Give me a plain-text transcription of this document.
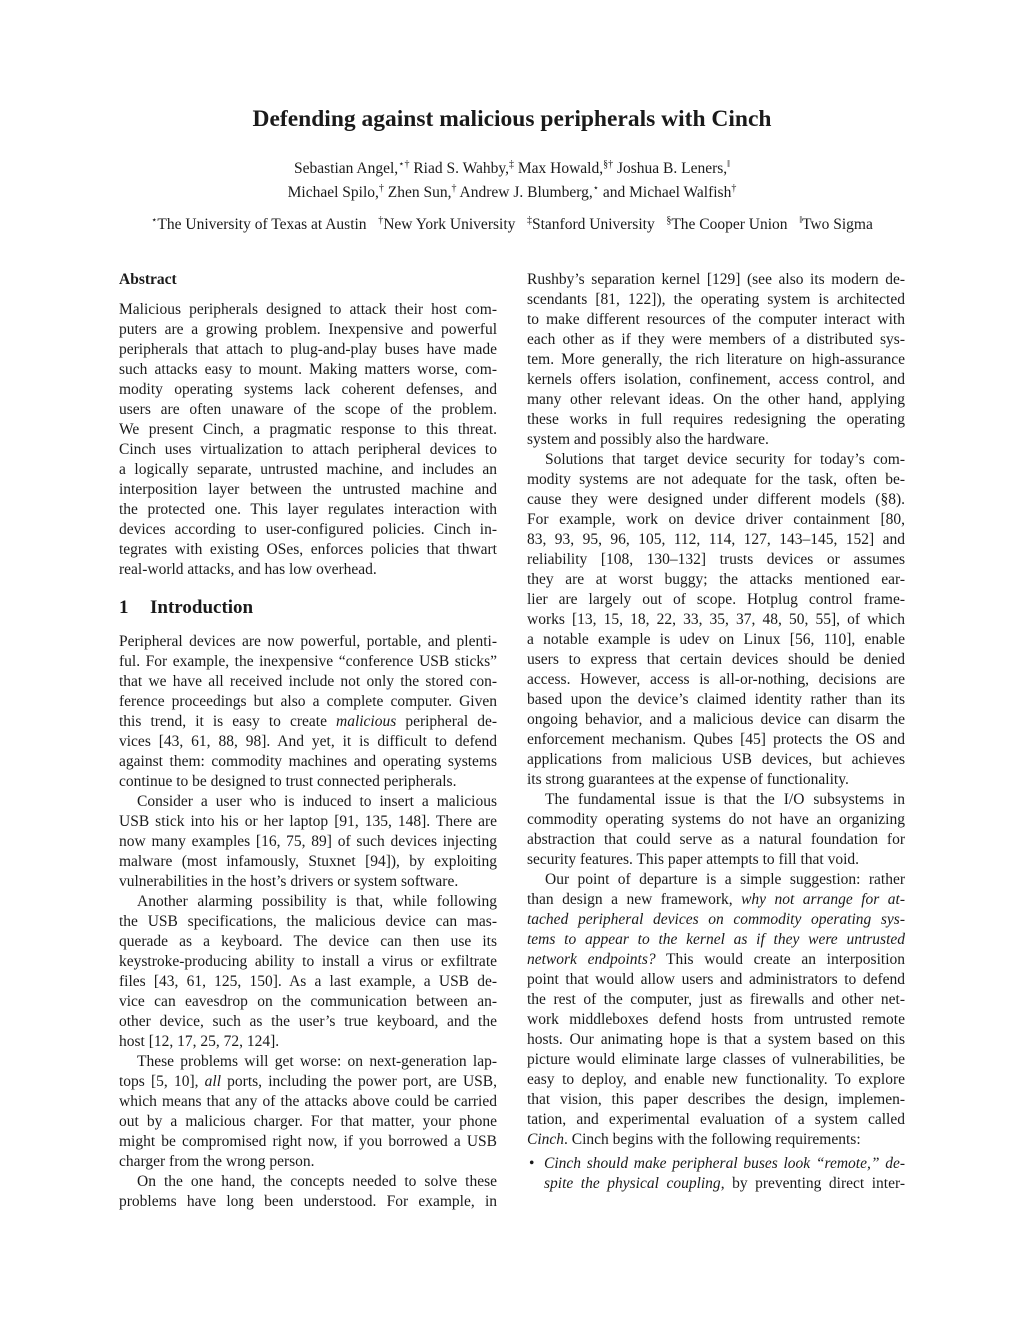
Defending against malicious peripherals with Cinch
Sebastian Angel,⋆† Riad S. Wahby,‡ Max Howald,§† Joshua B. Leners,‖
Michael Spilo,† Zhen Sun,† Andrew J. Blumberg,⋆ and Michael Walfish†
⋆The University of Texas at Austin †New York University ‡Stanford University §The Cooper Union ‖Two Sigma
Abstract
Malicious peripherals designed to attack their host com-
puters are a growing problem. Inexpensive and powerful
peripherals that attach to plug-and-play buses have made
such attacks easy to mount. Making matters worse, com-
modity operating systems lack coherent defenses, and
users are often unaware of the scope of the problem.
We present Cinch, a pragmatic response to this threat.
Cinch uses virtualization to attach peripheral devices to
a logically separate, untrusted machine, and includes an
interposition layer between the untrusted machine and
the protected one. This layer regulates interaction with
devices according to user-configured policies. Cinch in-
tegrates with existing OSes, enforces policies that thwart
real-world attacks, and has low overhead.
1 Introduction
Peripheral devices are now powerful, portable, and plenti-
ful. For example, the inexpensive “conference USB sticks”
that we have all received include not only the stored con-
ference proceedings but also a complete computer. Given
this trend, it is easy to create malicious peripheral de-
vices [43, 61, 88, 98]. And yet, it is difficult to defend
against them: commodity machines and operating systems
continue to be designed to trust connected peripherals.
Consider a user who is induced to insert a malicious
USB stick into his or her laptop [91, 135, 148]. There are
now many examples [16, 75, 89] of such devices injecting
malware (most infamously, Stuxnet [94]), by exploiting
vulnerabilities in the host’s drivers or system software.
Another alarming possibility is that, while following
the USB specifications, the malicious device can mas-
querade as a keyboard. The device can then use its
keystroke-producing ability to install a virus or exfiltrate
files [43, 61, 125, 150]. As a last example, a USB de-
vice can eavesdrop on the communication between an-
other device, such as the user’s true keyboard, and the
host [12, 17, 25, 72, 124].
These problems will get worse: on next-generation lap-
tops [5, 10], all ports, including the power port, are USB,
which means that any of the attacks above could be carried
out by a malicious charger. For that matter, your phone
might be compromised right now, if you borrowed a USB
charger from the wrong person.
On the one hand, the concepts needed to solve these
problems have long been understood. For example, in
Rushby’s separation kernel [129] (see also its modern de-
scendants [81, 122]), the operating system is architected
to make different resources of the computer interact with
each other as if they were members of a distributed sys-
tem. More generally, the rich literature on high-assurance
kernels offers isolation, confinement, access control, and
many other relevant ideas. On the other hand, applying
these works in full requires redesigning the operating
system and possibly also the hardware.
Solutions that target device security for today’s com-
modity systems are not adequate for the task, often be-
cause they were designed under different models (§8).
For example, work on device driver containment [80,
83, 93, 95, 96, 105, 112, 114, 127, 143–145, 152] and
reliability [108, 130–132] trusts devices or assumes
they are at worst buggy; the attacks mentioned ear-
lier are largely out of scope. Hotplug control frame-
works [13, 15, 18, 22, 33, 35, 37, 48, 50, 55], of which
a notable example is udev on Linux [56, 110], enable
users to express that certain devices should be denied
access. However, access is all-or-nothing, decisions are
based upon the device’s claimed identity rather than its
ongoing behavior, and a malicious device can disarm the
enforcement mechanism. Qubes [45] protects the OS and
applications from malicious USB devices, but achieves
its strong guarantees at the expense of functionality.
The fundamental issue is that the I/O subsystems in
commodity operating systems do not have an organizing
abstraction that could serve as a natural foundation for
security features. This paper attempts to fill that void.
Our point of departure is a simple suggestion: rather
than design a new framework, why not arrange for at-
tached peripheral devices on commodity operating sys-
tems to appear to the kernel as if they were untrusted
network endpoints? This would create an interposition
point that would allow users and administrators to defend
the rest of the computer, just as firewalls and other net-
work middleboxes defend hosts from untrusted remote
hosts. Our animating hope is that a system based on this
picture would eliminate large classes of vulnerabilities, be
easy to deploy, and enable new functionality. To explore
that vision, this paper describes the design, implemen-
tation, and experimental evaluation of a system called
Cinch. Cinch begins with the following requirements:
• Cinch should make peripheral buses look “remote,” de-
spite the physical coupling, by preventing direct inter-
